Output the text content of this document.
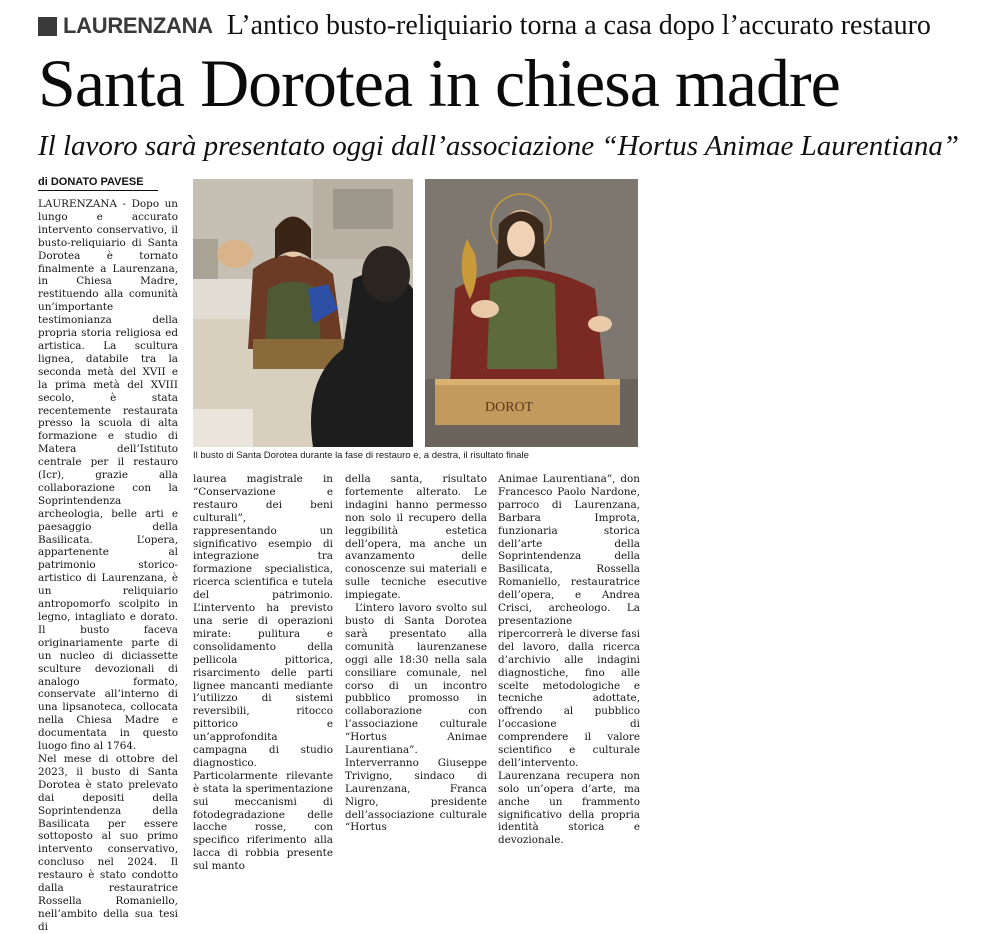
LAURENZANA L’antico busto-reliquiario torna a casa dopo l’accurato restauro
Santa Dorotea in chiesa madre
Il lavoro sarà presentato oggi dall’associazione “Hortus Animae Laurentiana”
di DONATO PAVESE

LAURENZANA - Dopo un lungo e accurato intervento conservativo, il busto-reliquiario di Santa Dorotea è tornato finalmente a Laurenzana, in Chiesa Madre, restituendo alla comunità un’importante testimonianza della propria storia religiosa ed artistica. La scultura lignea, databile tra la seconda metà del XVII e la prima metà del XVIII secolo, è stata recentemente restaurata presso la scuola di alta formazione e studio di Matera dell’Istituto centrale per il restauro (Icr), grazie alla collaborazione con la Soprintendenza archeologia, belle arti e paesaggio della Basilicata. L’opera, appartenente al patrimonio storico-artistico di Laurenzana, è un reliquiario antropomorfo scolpito in legno, intagliato e dorato. Il busto faceva originariamente parte di un nucleo di diciassette sculture devozionali di analogo formato, conservate all’interno di una lipsanoteca, collocata nella Chiesa Madre e documentata in questo luogo fino al 1764.

Nel mese di ottobre del 2023, il busto di Santa Dorotea è stato prelevato dai depositi della Soprintendenza della Basilicata per essere sottoposto al suo primo intervento conservativo, concluso nel 2024. Il restauro è stato condotto dalla restauratrice Rossella Romaniello, nell’ambito della sua tesi di

DOROT
Il busto di Santa Dorotea durante la fase di restauro e, a destra, il risultato finale

laurea magistrale in “Conservazione e restauro dei beni culturali”, rappresentando un significativo esempio di integrazione tra formazione specialistica, ricerca scientifica e tutela del patrimonio. L’intervento ha previsto una serie di operazioni mirate: pulitura e consolidamento della pellicola pittorica, risarcimento delle parti lignee mancanti mediante l’utilizzo di sistemi reversibili, ritocco pittorico e un’approfondita campagna di studio diagnostico. Particolarmente rilevante è stata la sperimentazione sui meccanismi di fotodegradazione delle lacche rosse, con specifico riferimento alla lacca di robbia presente sul manto

della santa, risultato fortemente alterato. Le indagini hanno permesso non solo il recupero della leggibilità estetica dell’opera, ma anche un avanzamento delle conoscenze sui materiali e sulle tecniche esecutive impiegate.

L’intero lavoro svolto sul busto di Santa Dorotea sarà presentato alla comunità laurenzanese oggi alle 18:30 nella sala consiliare comunale, nel corso di un incontro pubblico promosso in collaborazione con l’associazione culturale “Hortus Animae Laurentiana”. Interverranno Giuseppe Trivigno, sindaco di Laurenzana, Franca Nigro, presidente dell’associazione culturale “Hortus

Animae Laurentiana”, don Francesco Paolo Nardone, parroco di Laurenzana, Barbara Improta, funzionaria storica dell’arte della Soprintendenza della Basilicata, Rossella Romaniello, restauratrice dell’opera, e Andrea Crisci, archeologo. La presentazione ripercorrerà le diverse fasi del lavoro, dalla ricerca d’archivio alle indagini diagnostiche, fino alle scelte metodologiche e tecniche adottate, offrendo al pubblico l’occasione di comprendere il valore scientifico e culturale dell’intervento.

Laurenzana recupera non solo un’opera d’arte, ma anche un frammento significativo della propria identità storica e devozionale.
